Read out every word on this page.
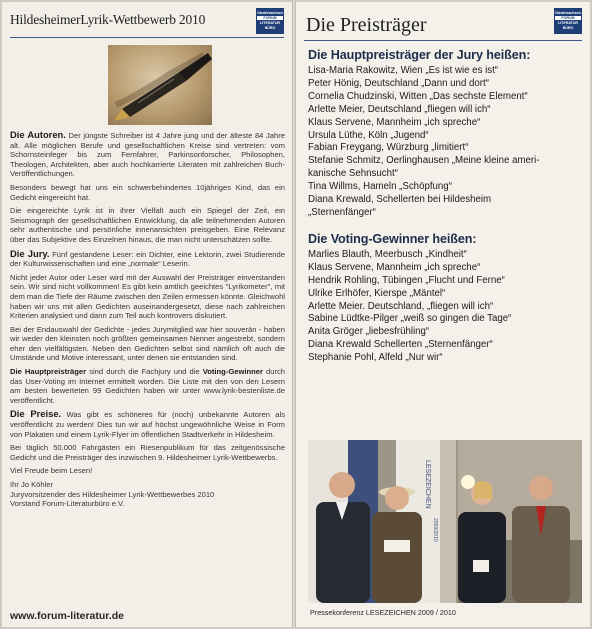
HildesheimerLyrik-Wettbewerb 2010	Niedersachsen
FORUM
LITERATUR
BÜRO

Die Autoren. Der jüngste Schreiber ist 4 Jahre jung und der älteste 84 Jahre alt. Alle möglichen Berufe und gesellschaftlichen Kreise sind vertreten: vom Schornsteinfeger bis zum Fernfahrer, Parkinsonforscher, Philosophen, Theologen, Architekten, aber auch hochkarrierte Literaten mit zahlreichen Buch-Veröffentlichungen.

Besonders bewegt hat uns ein schwerbehindertes 10jähriges Kind, das ein Gedicht eingereicht hat.

Die eingereichte Lyrik ist in ihrer Vielfalt auch ein Spiegel der Zeit, ein Seismograph der gesellschaftlichen Entwicklung, da alle teilnehmenden Autoren sehr authentische und persönliche innenansichten preisgeben. Eine Relevanz über das Subjektive des Einzelnen hinaus, die man nicht unterschätzen sollte.

Die Jury. Fünf gestandene Leser: ein Dichter, eine Lektorin, zwei Studierende der Kulturwissenschaften und eine „normale“ Leserin.

Nicht jeder Autor oder Leser wird mit der Auswahl der Preisträger einverstanden sein. Wir sind nicht vollkommen! Es gibt kein amtlich geeichtes "Lyrikometer", mit dem man die Tiefe der Räume zwischen den Zeilen ermessen könnte. Gleichwohl haben wir uns mit allen Gedichten auseinandergesetzt, diese nach zahlreichen Kriterien analysiert und dann zum Teil auch kontrovers diskutiert.

Bei der Endauswahl der Gedichte - jedes Jurymitglied war hier souverän - haben wir weder den kleinsten noch größten gemeinsamen Nenner angestrebt, sondern eher den vielfältigsten. Neben den Gedichten selbst sind nämlich oft auch die Umstände und Motive interessant, unter denen sie entstanden sind.

Die Hauptpreisträger sind durch die Fachjury und die Voting-Gewinner durch das User-Voting im Internet ermittelt worden. Die Liste mit den von den Lesern am besten bewerteten 99 Gedichten haben wir unter www.lyrik-bestenliste.de veröffentlicht.

Die Preise. Was gibt es schöneres für (noch) unbekannte Autoren als veröffentlicht zu werden! Dies tun wir auf höchst ungewöhnliche Weise in Form von Plakaten und einem Lyrik-Flyer im öffentlichen Stadtverkehr in Hildesheim.

Bei täglich 50.000 Fahrgästen ein Riesenpublikum für das zeitgenössische Gedicht und die Preisträger des inzwischen 9. Hildesheimer Lyrik-Wettbewerbs.

Viel Freude beim Lesen!

Ihr Jo Köhler
Juryvorsitzender des Hildesheimer Lyrik-Wettbewerbes 2010
Vorstand Forum-Literaturbüro e.V.
www.forum-literatur.de
Die Preisträger
Niedersachsen
FORUM
LITERATUR
BÜRO
Die Hauptpreisträger der Jury heißen:
Lisa-Maria Rakowitz, Wien „Es ist wie es ist“
Peter Hönig, Deutschland „Dann und dort“
Cornelia Chudzinski, Witten „Das sechste Element“
Arlette Meier, Deutschland „fliegen will ich“
Klaus Servene, Mannheim „ich spreche“
Ursula Lüthe, Köln „Jugend“
Fabian Freygang, Würzburg „limitiert“
Stefanie Schmitz, Oerlinghausen „Meine kleine ameri-
kanische Sehnsucht“
Tina Willms, Hameln „Schöpfung“
Diana Krewald, Schellerten bei Hildesheim
„Sternenfänger“
Die Voting-Gewinner heißen:
Marlies Blauth, Meerbusch „Kindheit“
Klaus Servene, Mannheim „ich spreche“
Hendrik Rohling, Tübingen „Flucht und Ferne“
Ulrike Erlhöfer, Kierspe „Mäntel“
Arlette Meier. Deutschland, „fliegen will ich“
Sabine Lüdtke-Pilger „weiß so gingen die Tage“
Anita Gröger „liebesfrühling“
Diana Krewald Schellerten „Sternenfänger“
Stephanie Pohl, Alfeld „Nur wir“
LESEZEICHEN
2009/2010
Pressekonferenz LESEZEICHEN 2009 / 2010
